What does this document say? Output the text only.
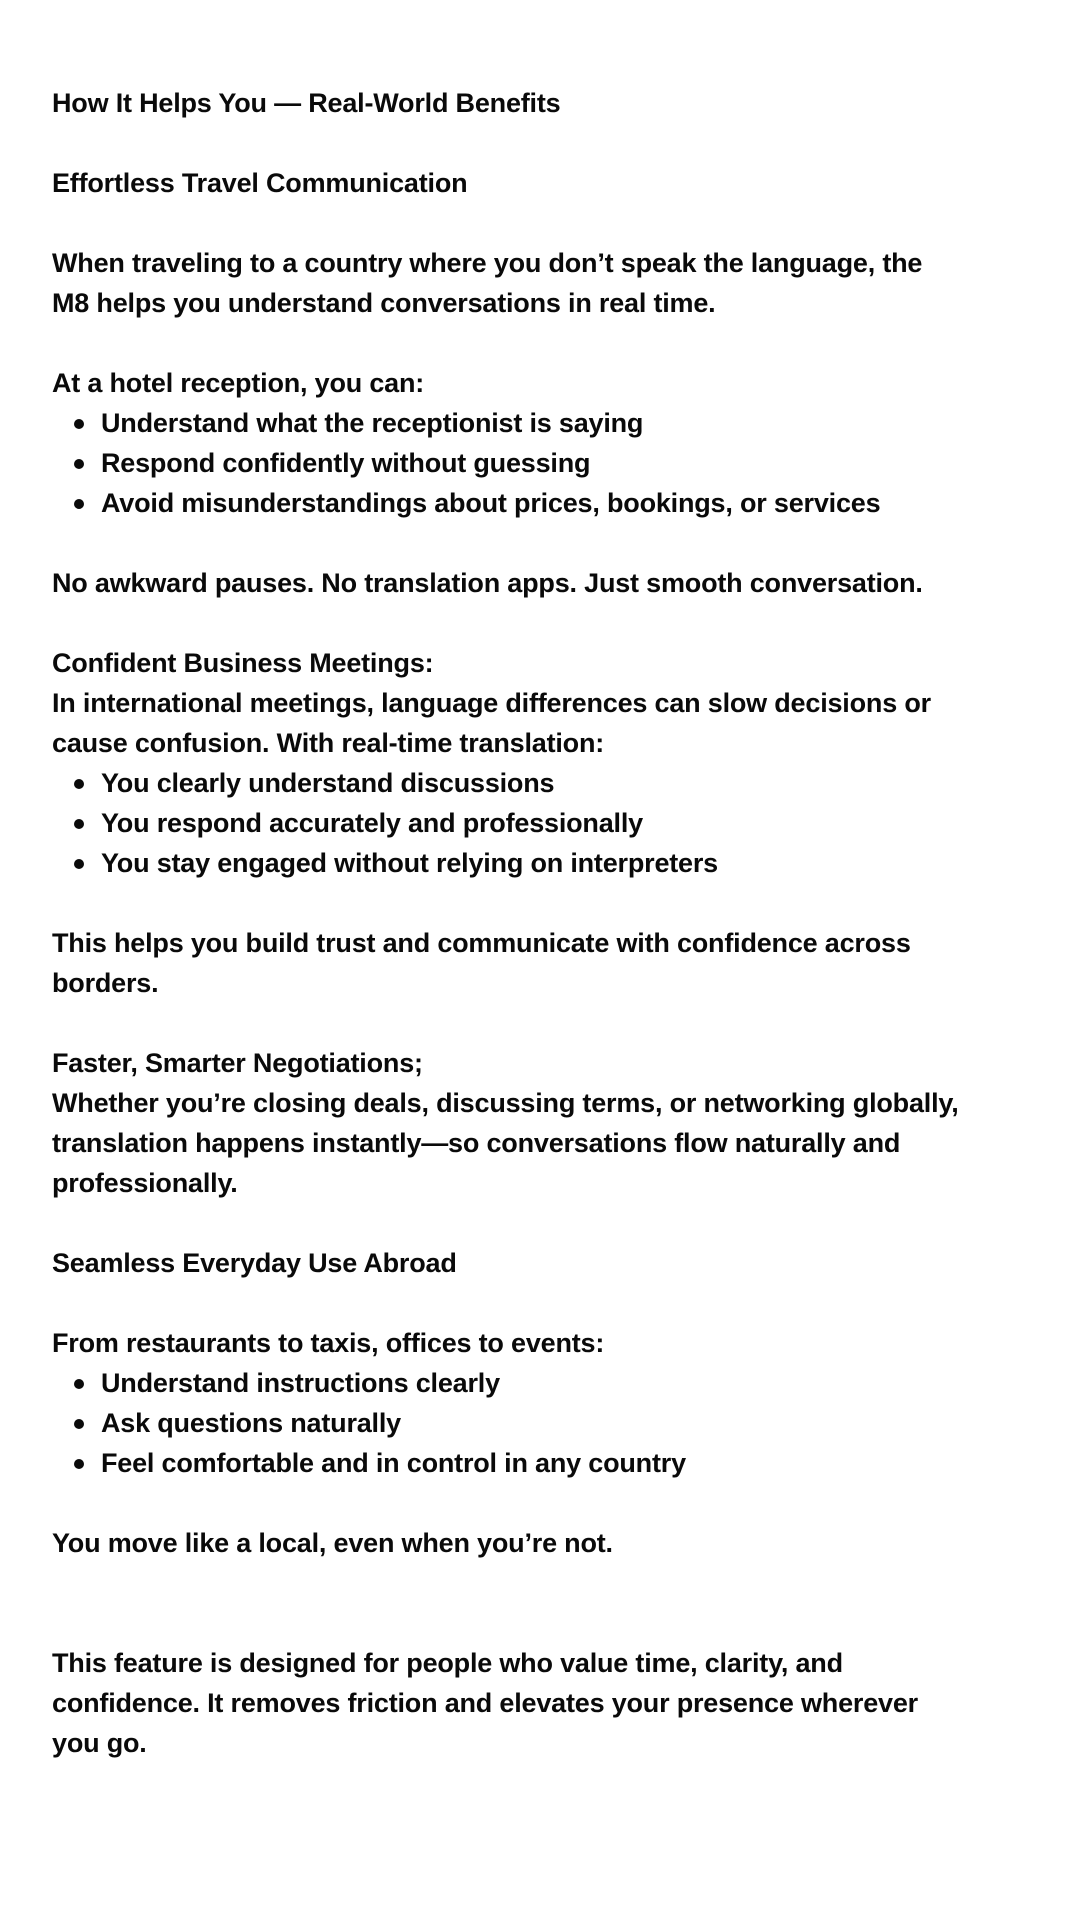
How It Helps You — Real-World Benefits
Effortless Travel Communication
When traveling to a country where you don’t speak the language, the
M8 helps you understand conversations in real time.
At a hotel reception, you can:
Understand what the receptionist is saying
Respond confidently without guessing
Avoid misunderstandings about prices, bookings, or services
No awkward pauses. No translation apps. Just smooth conversation.
Confident Business Meetings:
In international meetings, language differences can slow decisions or
cause confusion. With real-time translation:
You clearly understand discussions
You respond accurately and professionally
You stay engaged without relying on interpreters
This helps you build trust and communicate with confidence across
borders.
Faster, Smarter Negotiations;
Whether you’re closing deals, discussing terms, or networking globally,
translation happens instantly—so conversations flow naturally and
professionally.
Seamless Everyday Use Abroad
From restaurants to taxis, offices to events:
Understand instructions clearly
Ask questions naturally
Feel comfortable and in control in any country
You move like a local, even when you’re not.
This feature is designed for people who value time, clarity, and
confidence. It removes friction and elevates your presence wherever
you go.
